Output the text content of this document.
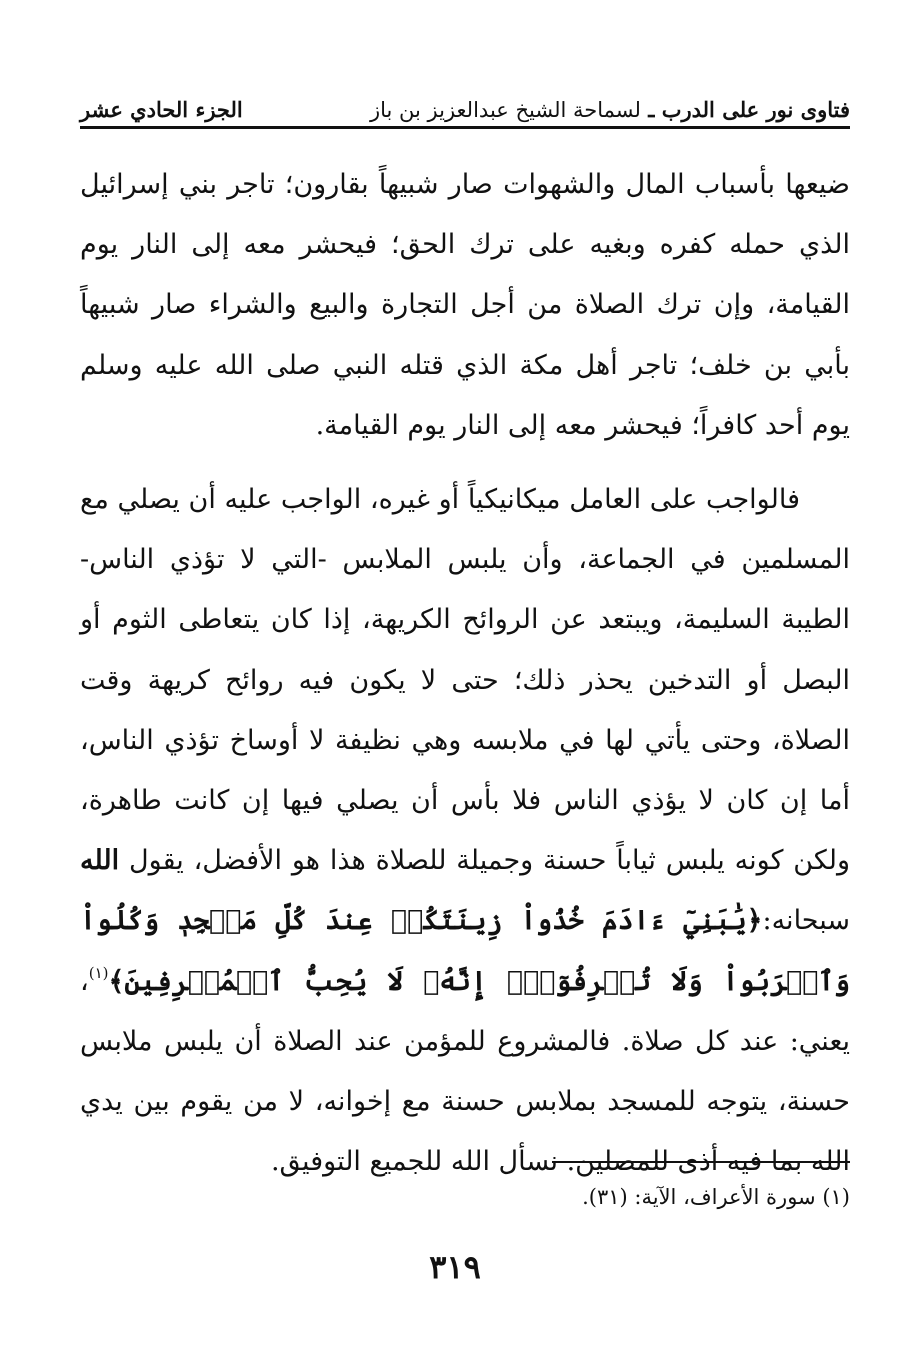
فتاوى نور على الدرب ـ لسماحة الشيخ عبدالعزيز بن باز
الجزء الحادي عشر

ضيعها بأسباب المال والشهوات صار شبيهاً بقارون؛ تاجر بني إسرائيل الذي حمله كفره وبغيه على ترك الحق؛ فيحشر معه إلى النار يوم القيامة، وإن ترك الصلاة من أجل التجارة والبيع والشراء صار شبيهاً بأبي بن خلف؛ تاجر أهل مكة الذي قتله النبي صلى الله عليه وسلم يوم أحد كافراً؛ فيحشر معه إلى النار يوم القيامة.

فالواجب على العامل ميكانيكياً أو غيره، الواجب عليه أن يصلي مع المسلمين في الجماعة، وأن يلبس الملابس -التي لا تؤذي الناس- الطيبة السليمة، ويبتعد عن الروائح الكريهة، إذا كان يتعاطى الثوم أو البصل أو التدخين يحذر ذلك؛ حتى لا يكون فيه روائح كريهة وقت الصلاة، وحتى يأتي لها في ملابسه وهي نظيفة لا أوساخ تؤذي الناس، أما إن كان لا يؤذي الناس فلا بأس أن يصلي فيها إن كانت طاهرة، ولكن كونه يلبس ثياباً حسنة وجميلة للصلاة هذا هو الأفضل، يقول الله سبحانه:﴿يَٰبَنِيٓ ءَادَمَ خُذُواْ زِينَتَكُمۡ عِندَ كُلِّ مَسۡجِدٖ وَكُلُواْ وَٱشۡرَبُواْ وَلَا تُسۡرِفُوٓاْۚ إِنَّهُۥ لَا يُحِبُّ ٱلۡمُسۡرِفِينَ﴾$^{(١)}$، يعني: عند كل صلاة. فالمشروع للمؤمن عند الصلاة أن يلبس ملابس حسنة، يتوجه للمسجد بملابس حسنة مع إخوانه، لا من يقوم بين يدي الله بما فيه أذى للمصلين. نسأل الله للجميع التوفيق.

(١) سورة الأعراف، الآية: (٣١).
٣١٩
